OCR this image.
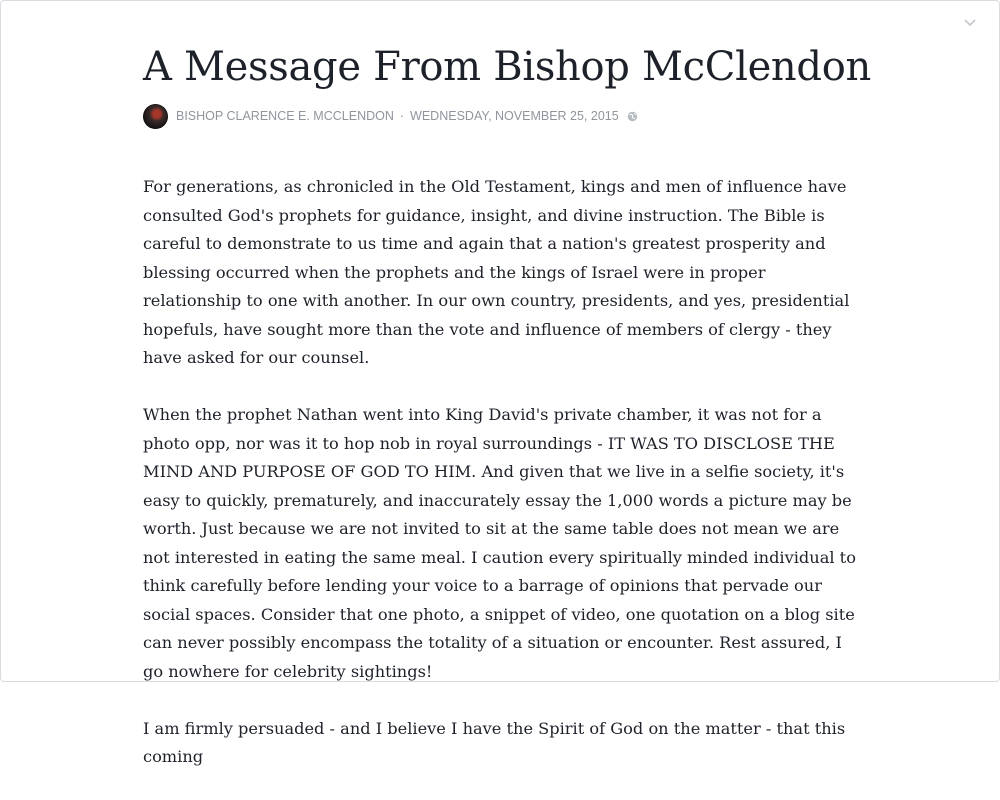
A Message From Bishop McClendon
BISHOP CLARENCE E. MCCLENDON · WEDNESDAY, NOVEMBER 25, 2015

For generations, as chronicled in the Old Testament, kings and men of influence have consulted God's prophets for guidance, insight, and divine instruction. The Bible is careful to demonstrate to us time and again that a nation's greatest prosperity and blessing occurred when the prophets and the kings of Israel were in proper relationship to one with another. In our own country, presidents, and yes, presidential hopefuls, have sought more than the vote and influence of members of clergy - they have asked for our counsel.

When the prophet Nathan went into King David's private chamber, it was not for a photo opp, nor was it to hop nob in royal surroundings - IT WAS TO DISCLOSE THE MIND AND PURPOSE OF GOD TO HIM. And given that we live in a selfie society, it's easy to quickly, prematurely, and inaccurately essay the 1,000 words a picture may be worth. Just because we are not invited to sit at the same table does not mean we are not interested in eating the same meal. I caution every spiritually minded individual to think carefully before lending your voice to a barrage of opinions that pervade our social spaces. Consider that one photo, a snippet of video, one quotation on a blog site can never possibly encompass the totality of a situation or encounter. Rest assured, I go nowhere for celebrity sightings!

I am firmly persuaded - and I believe I have the Spirit of God on the matter - that this coming
